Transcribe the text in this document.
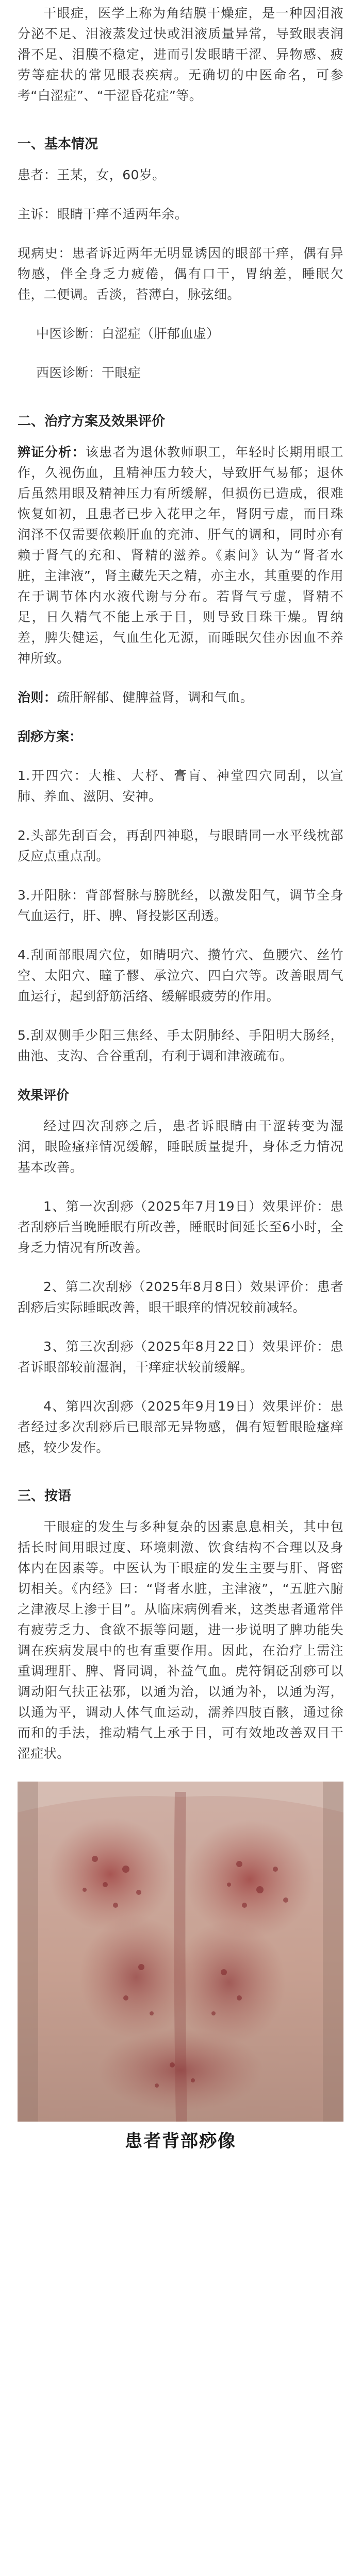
干眼症，医学上称为角结膜干燥症，是一种因泪液分泌不足、泪液蒸发过快或泪液质量异常，导致眼表润滑不足、泪膜不稳定，进而引发眼睛干涩、异物感、疲劳等症状的常见眼表疾病。无确切的中医命名，可参考“白涩症”、“干涩昏花症”等。

一、基本情况

患者：王某，女，60岁。

主诉：眼睛干痒不适两年余。

现病史：患者诉近两年无明显诱因的眼部干痒，偶有异物感，伴全身乏力疲倦，偶有口干，胃纳差，睡眠欠佳，二便调。舌淡，苔薄白，脉弦细。

中医诊断：白涩症（肝郁血虚）

西医诊断：干眼症

二、治疗方案及效果评价

辨证分析：该患者为退休教师职工，年轻时长期用眼工作，久视伤血，且精神压力较大，导致肝气易郁；退休后虽然用眼及精神压力有所缓解，但损伤已造成，很难恢复如初，且患者已步入花甲之年，肾阴亏虚，而目珠润泽不仅需要依赖肝血的充沛、肝气的调和，同时亦有赖于肾气的充和、肾精的滋养。《素问》认为“肾者水脏，主津液”，肾主藏先天之精，亦主水，其重要的作用在于调节体内水液代谢与分布。若肾气亏虚，肾精不足，日久精气不能上承于目，则导致目珠干燥。胃纳差，脾失健运，气血生化无源，而睡眠欠佳亦因血不养神所致。

治则：疏肝解郁、健脾益肾，调和气血。

刮痧方案：

1.开四穴：大椎、大杼、膏肓、神堂四穴同刮，以宣肺、养血、滋阴、安神。

2.头部先刮百会，再刮四神聪，与眼睛同一水平线枕部反应点重点刮。

3.开阳脉：背部督脉与膀胱经，以激发阳气，调节全身气血运行，肝、脾、肾投影区刮透。

4.刮面部眼周穴位，如睛明穴、攒竹穴、鱼腰穴、丝竹空、太阳穴、瞳子髎、承泣穴、四白穴等。改善眼周气血运行，起到舒筋活络、缓解眼疲劳的作用。

5.刮双侧手少阳三焦经、手太阴肺经、手阳明大肠经，曲池、支沟、合谷重刮，有利于调和津液疏布。

效果评价

经过四次刮痧之后，患者诉眼睛由干涩转变为湿润，眼睑瘙痒情况缓解，睡眠质量提升，身体乏力情况基本改善。

1、第一次刮痧（2025年7月19日）效果评价：患者刮痧后当晚睡眠有所改善，睡眠时间延长至6小时，全身乏力情况有所改善。

2、第二次刮痧（2025年8月8日）效果评价：患者刮痧后实际睡眠改善，眼干眼痒的情况较前减轻。

3、第三次刮痧（2025年8月22日）效果评价：患者诉眼部较前湿润，干痒症状较前缓解。

4、第四次刮痧（2025年9月19日）效果评价：患者经过多次刮痧后已眼部无异物感，偶有短暂眼睑瘙痒感，较少发作。

三、按语

干眼症的发生与多种复杂的因素息息相关，其中包括长时间用眼过度、环境刺激、饮食结构不合理以及身体内在因素等。中医认为干眼症的发生主要与肝、肾密切相关。《内经》曰：“肾者水脏，主津液”，“五脏六腑之津液尽上渗于目”。从临床病例看来，这类患者通常伴有疲劳乏力、食欲不振等问题，进一步说明了脾功能失调在疾病发展中的也有重要作用。因此，在治疗上需注重调理肝、脾、肾同调，补益气血。虎符铜砭刮痧可以调动阳气扶正祛邪，以通为治，以通为补，以通为泻，以通为平，调动人体气血运动，濡养四肢百骸，通过徐而和的手法，推动精气上承于目，可有效地改善双目干涩症状。

患者背部痧像
